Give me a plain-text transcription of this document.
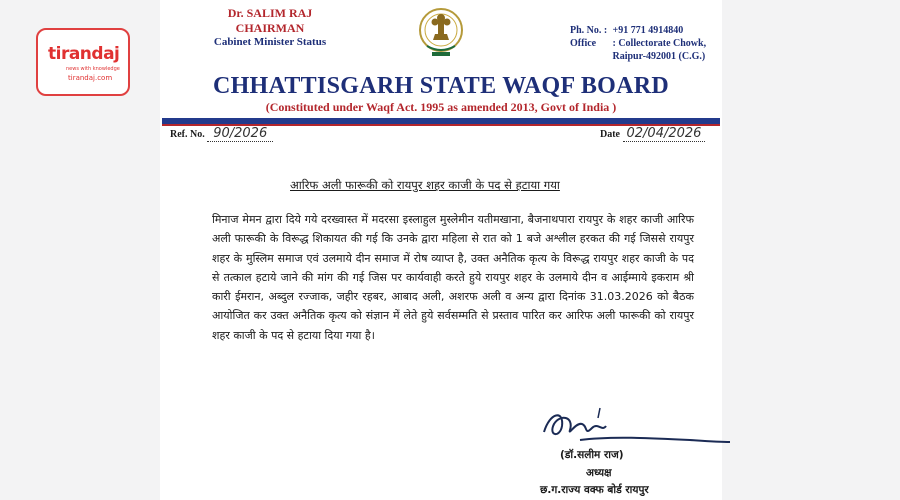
tirandaj
news with knowledge
tirandaj.com
Dr. SALIM RAJ
CHAIRMAN
Cabinet Minister Status
Ph. No. : +91 771 4914840
Office : Collectorate Chowk,
Raipur-492001 (C.G.)
CHHATTISGARH STATE WAQF BOARD
(Constituted under Waqf Act. 1995 as amended 2013, Govt of India )
Ref. No. 90/2026	Date 02/04/2026
आरिफ अली फारूकी को रायपुर शहर काजी के पद से हटाया गया
मिनाज मेमन द्वारा दिये गये दरख्वास्त में मदरसा इस्लाहुल मुस्लेमीन यतीमखाना, बैजनाथपारा रायपुर के शहर काजी आरिफ अली फारूकी के विरूद्ध शिकायत की गई कि उनके द्वारा महिला से रात को 1 बजे अश्लील हरकत की गई जिससे रायपुर शहर के मुस्लिम समाज एवं उलमाये दीन समाज में रोष व्याप्त है, उक्त अनैतिक कृत्य के विरूद्ध रायपुर शहर काजी के पद से तत्काल हटाये जाने की मांग की गई जिस पर कार्यवाही करते हुये रायपुर शहर के उलमाये दीन व आईम्माये इकराम श्री कारी ईमरान, अब्दुल रज्जाक, जहीर रहबर, आबाद अली, अशरफ अली व अन्य द्वारा दिनांक 31.03.2026 को बैठक आयोजित कर उक्त अनैतिक कृत्य को संज्ञान में लेते हुये सर्वसम्मति से प्रस्ताव पारित कर आरिफ अली फारूकी को रायपुर शहर काजी के पद से हटाया दिया गया है।
(डॉ.सलीम राज)
अध्यक्ष
छ.ग.राज्य वक्फ बोर्ड रायपुर
